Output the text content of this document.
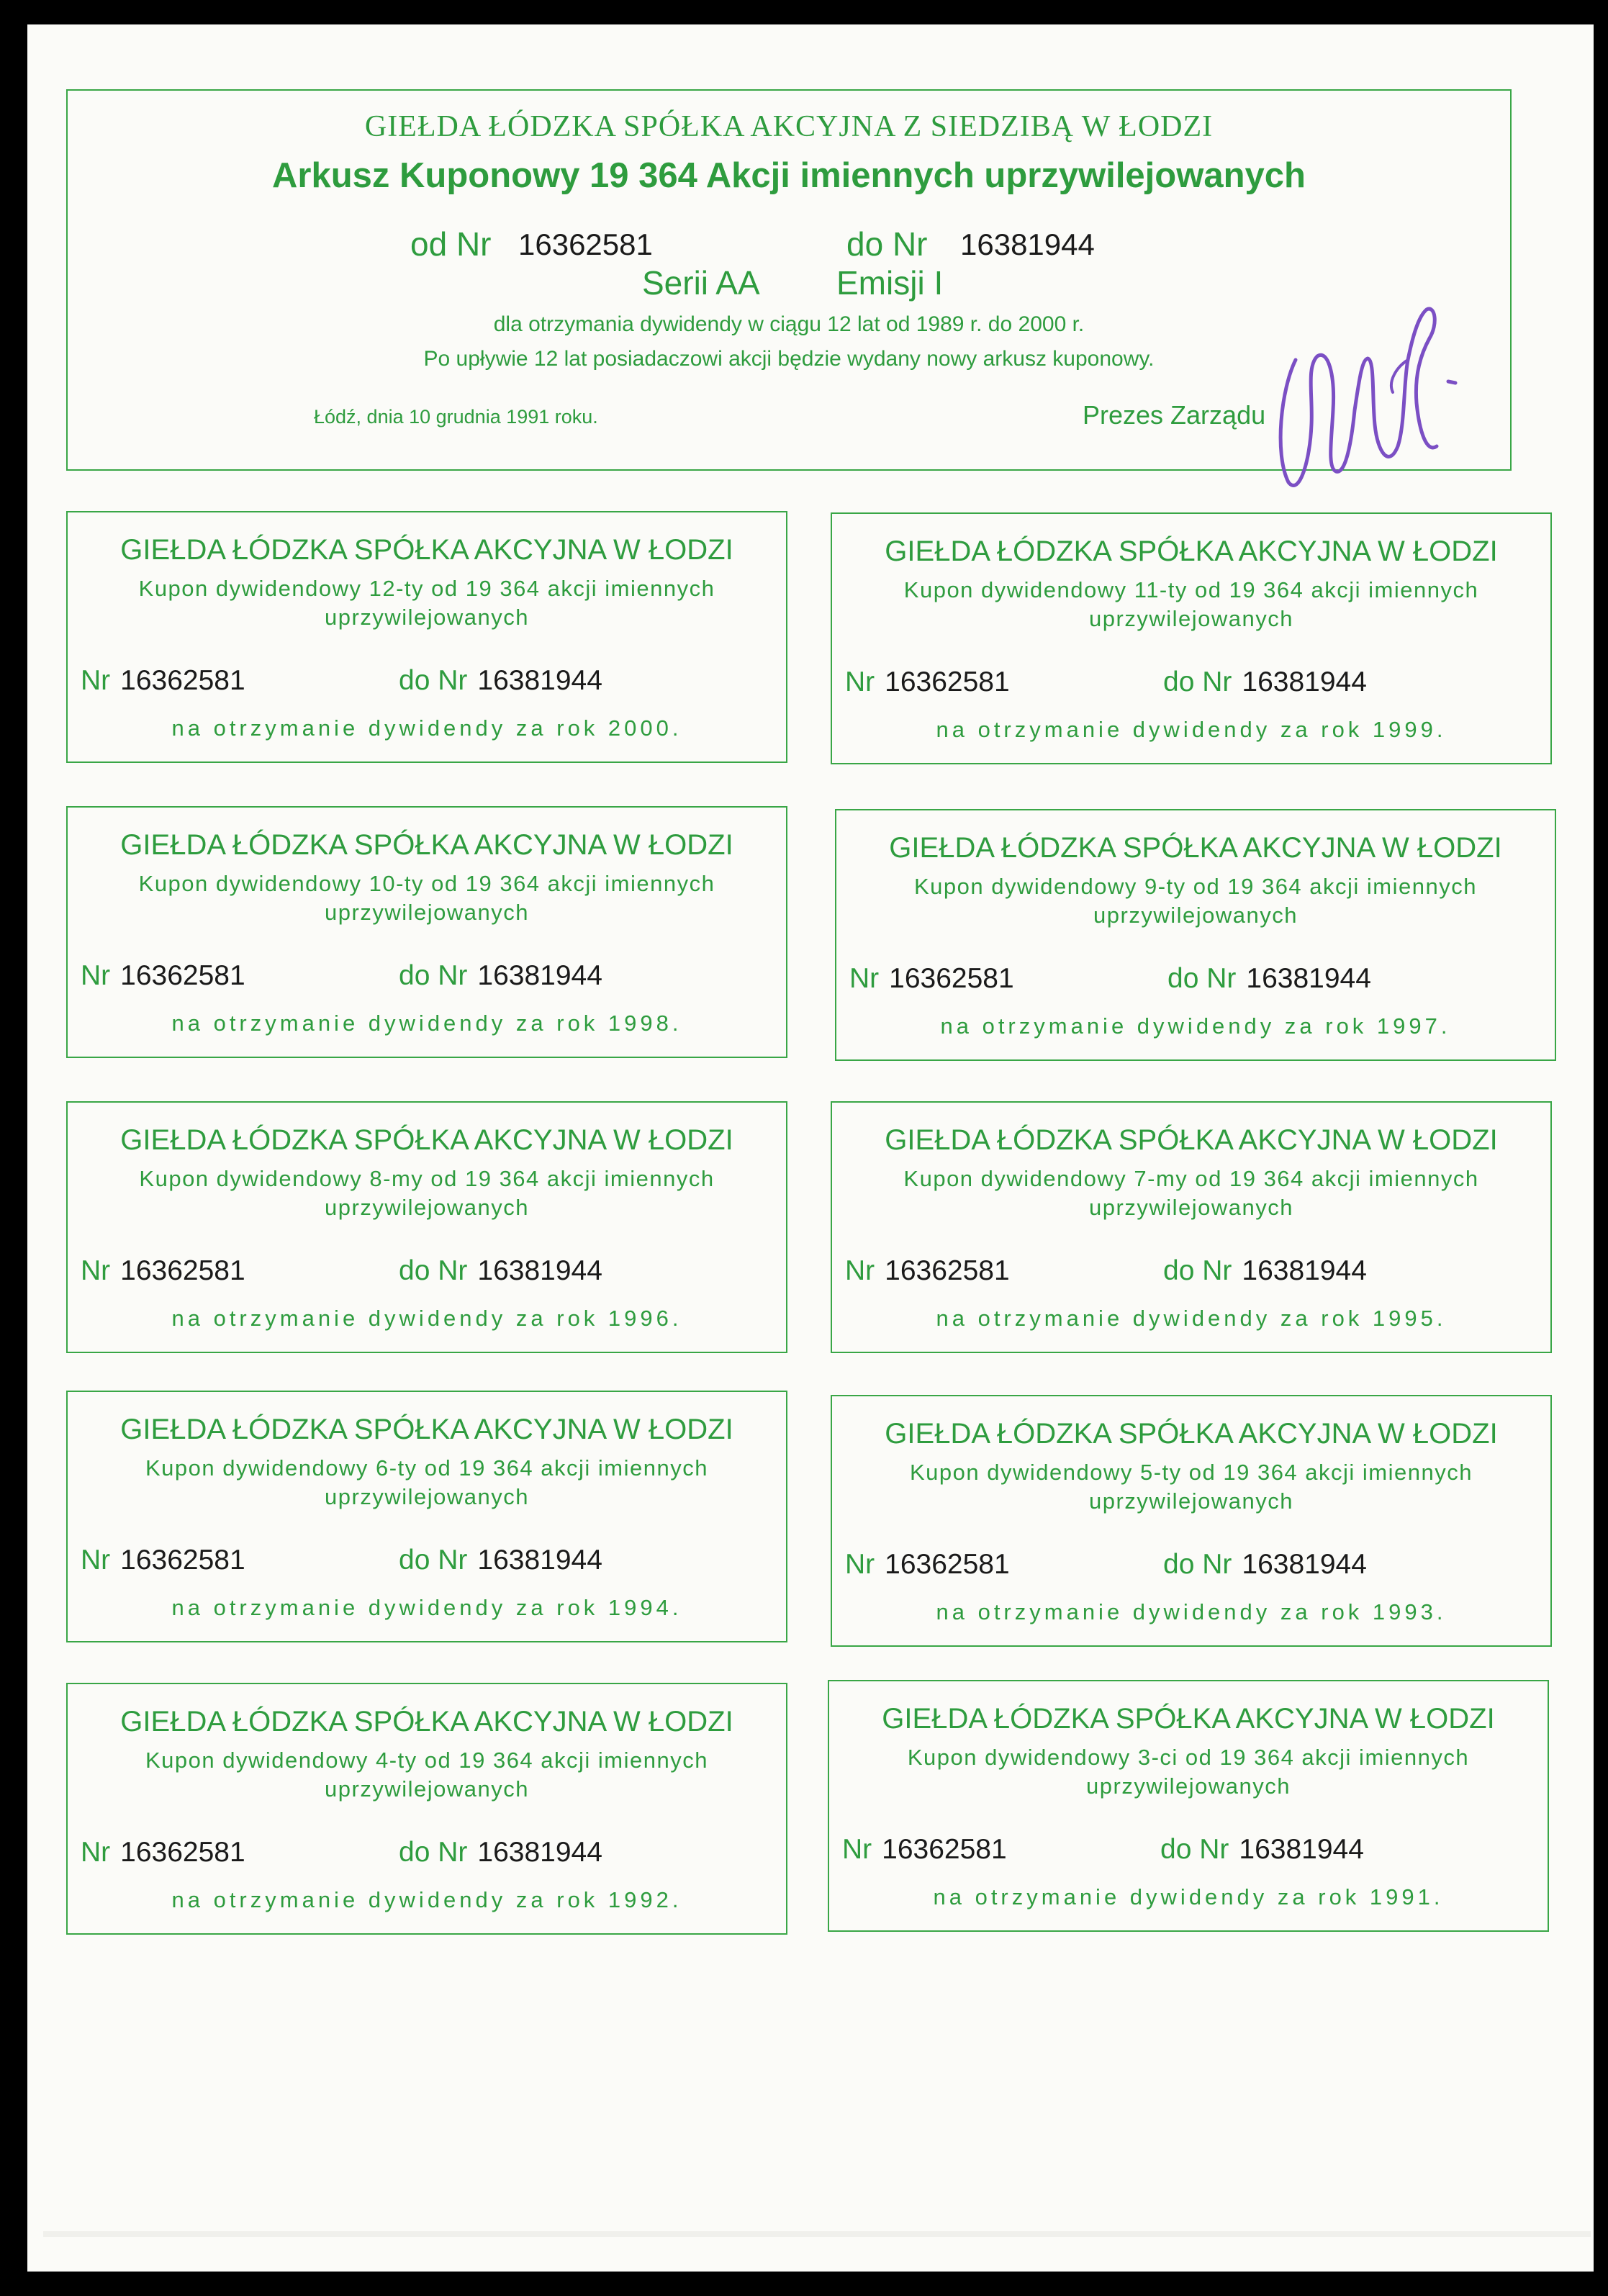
GIEŁDA ŁÓDZKA SPÓŁKA AKCYJNA Z SIEDZIBĄ W ŁODZI
Arkusz Kuponowy 19 364 Akcji imiennych uprzywilejowanych
od Nr 16362581	do Nr 16381944
Serii AA Emisji I
dla otrzymania dywidendy w ciągu 12 lat od 1989 r. do 2000 r.
Po upływie 12 lat posiadaczowi akcji będzie wydany nowy arkusz kuponowy.
Łódź, dnia 10 grudnia 1991 roku.	Prezes Zarządu
GIEŁDA ŁÓDZKA SPÓŁKA AKCYJNA W ŁODZI
Kupon dywidendowy 12-ty od 19 364 akcji imiennych
uprzywilejowanych
Nr 16362581	do Nr 16381944
na otrzymanie dywidendy za rok 2000.
GIEŁDA ŁÓDZKA SPÓŁKA AKCYJNA W ŁODZI
Kupon dywidendowy 11-ty od 19 364 akcji imiennych
uprzywilejowanych
Nr 16362581	do Nr 16381944
na otrzymanie dywidendy za rok 1999.
GIEŁDA ŁÓDZKA SPÓŁKA AKCYJNA W ŁODZI
Kupon dywidendowy 10-ty od 19 364 akcji imiennych
uprzywilejowanych
Nr 16362581	do Nr 16381944
na otrzymanie dywidendy za rok 1998.
GIEŁDA ŁÓDZKA SPÓŁKA AKCYJNA W ŁODZI
Kupon dywidendowy 9-ty od 19 364 akcji imiennych
uprzywilejowanych
Nr 16362581	do Nr 16381944
na otrzymanie dywidendy za rok 1997.
GIEŁDA ŁÓDZKA SPÓŁKA AKCYJNA W ŁODZI
Kupon dywidendowy 8-my od 19 364 akcji imiennych
uprzywilejowanych
Nr 16362581	do Nr 16381944
na otrzymanie dywidendy za rok 1996.
GIEŁDA ŁÓDZKA SPÓŁKA AKCYJNA W ŁODZI
Kupon dywidendowy 7-my od 19 364 akcji imiennych
uprzywilejowanych
Nr 16362581	do Nr 16381944
na otrzymanie dywidendy za rok 1995.
GIEŁDA ŁÓDZKA SPÓŁKA AKCYJNA W ŁODZI
Kupon dywidendowy 6-ty od 19 364 akcji imiennych
uprzywilejowanych
Nr 16362581	do Nr 16381944
na otrzymanie dywidendy za rok 1994.
GIEŁDA ŁÓDZKA SPÓŁKA AKCYJNA W ŁODZI
Kupon dywidendowy 5-ty od 19 364 akcji imiennych
uprzywilejowanych
Nr 16362581	do Nr 16381944
na otrzymanie dywidendy za rok 1993.
GIEŁDA ŁÓDZKA SPÓŁKA AKCYJNA W ŁODZI
Kupon dywidendowy 4-ty od 19 364 akcji imiennych
uprzywilejowanych
Nr 16362581	do Nr 16381944
na otrzymanie dywidendy za rok 1992.
GIEŁDA ŁÓDZKA SPÓŁKA AKCYJNA W ŁODZI
Kupon dywidendowy 3-ci od 19 364 akcji imiennych
uprzywilejowanych
Nr 16362581	do Nr 16381944
na otrzymanie dywidendy za rok 1991.
